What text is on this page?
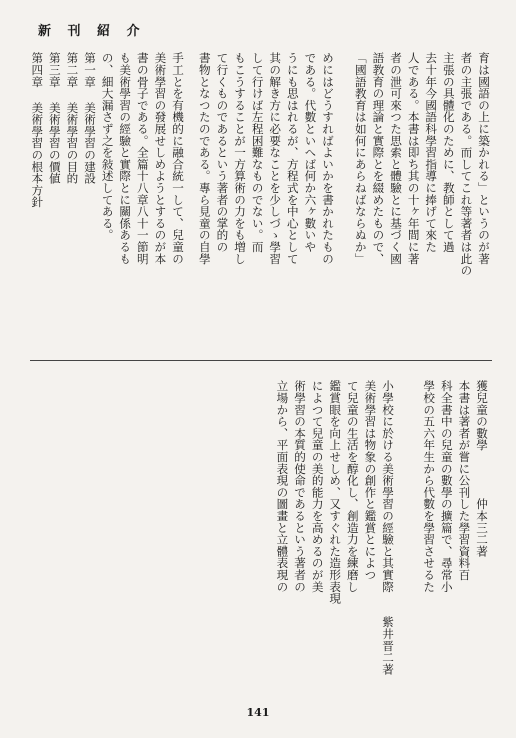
新 刊 紹 介
育は國語の上に築かれる」というのが著
者の主張である。而してこれ等著者は此の
主張の具體化のために、教師として過
去十年今國語科學習指導に捧げて來た
人である。本書は即ち其の十ヶ年間に著
者の泄可來つた思索と體驗とに基づく國
語教育の理論と實際とを綴めたもので、
「國語教育は如何にあらねばならぬか」

めにはどうすればよいかを書かれたもの
である。代數といへば何か六ヶ數いや
うにも思はれるが、方程式を中心として
其の解き方に必要なことを少しづゝ學習
して行けば左程困難なものでない。而
もこうすることが一方算術の力をも増し
て行くものであるという著者の掌的の
書物となつたのである。專ら見童の自學

手工とを有機的に融合統一して、兒童の
美術學習の發展せしめようとするのが本
書の骨子である。全篇十八章八十一節明
も美術學習の經驗と實際とに關係あるも
の、細大漏さず之を敍述してある。
第一章 美術學習の建設
第二章 美術學習の目的
第三章 美術學習の價値
第四章 美術學習の根本方針

獲兒童の數學　　　　仲本三二著
本書は著者が嘗に公刊した學習資料百
科全書中の兒童の數學の擴篇で、尋常小
學校の五六年生から代數を學習させるた
小學校に於ける美術學習の經驗と其實際　　紫井晋二著
美術學習は物象の創作と鑑賞とによつ
て兒童の生活を醇化し、創造力を練磨し
鑑賞眼を向上せしめ、又すぐれた造形表現
によつて兒童の美的能力を高めるのが美
術學習の本質的使命であるという著者の
立場から、平面表現の圖畫と立體表現の
141
